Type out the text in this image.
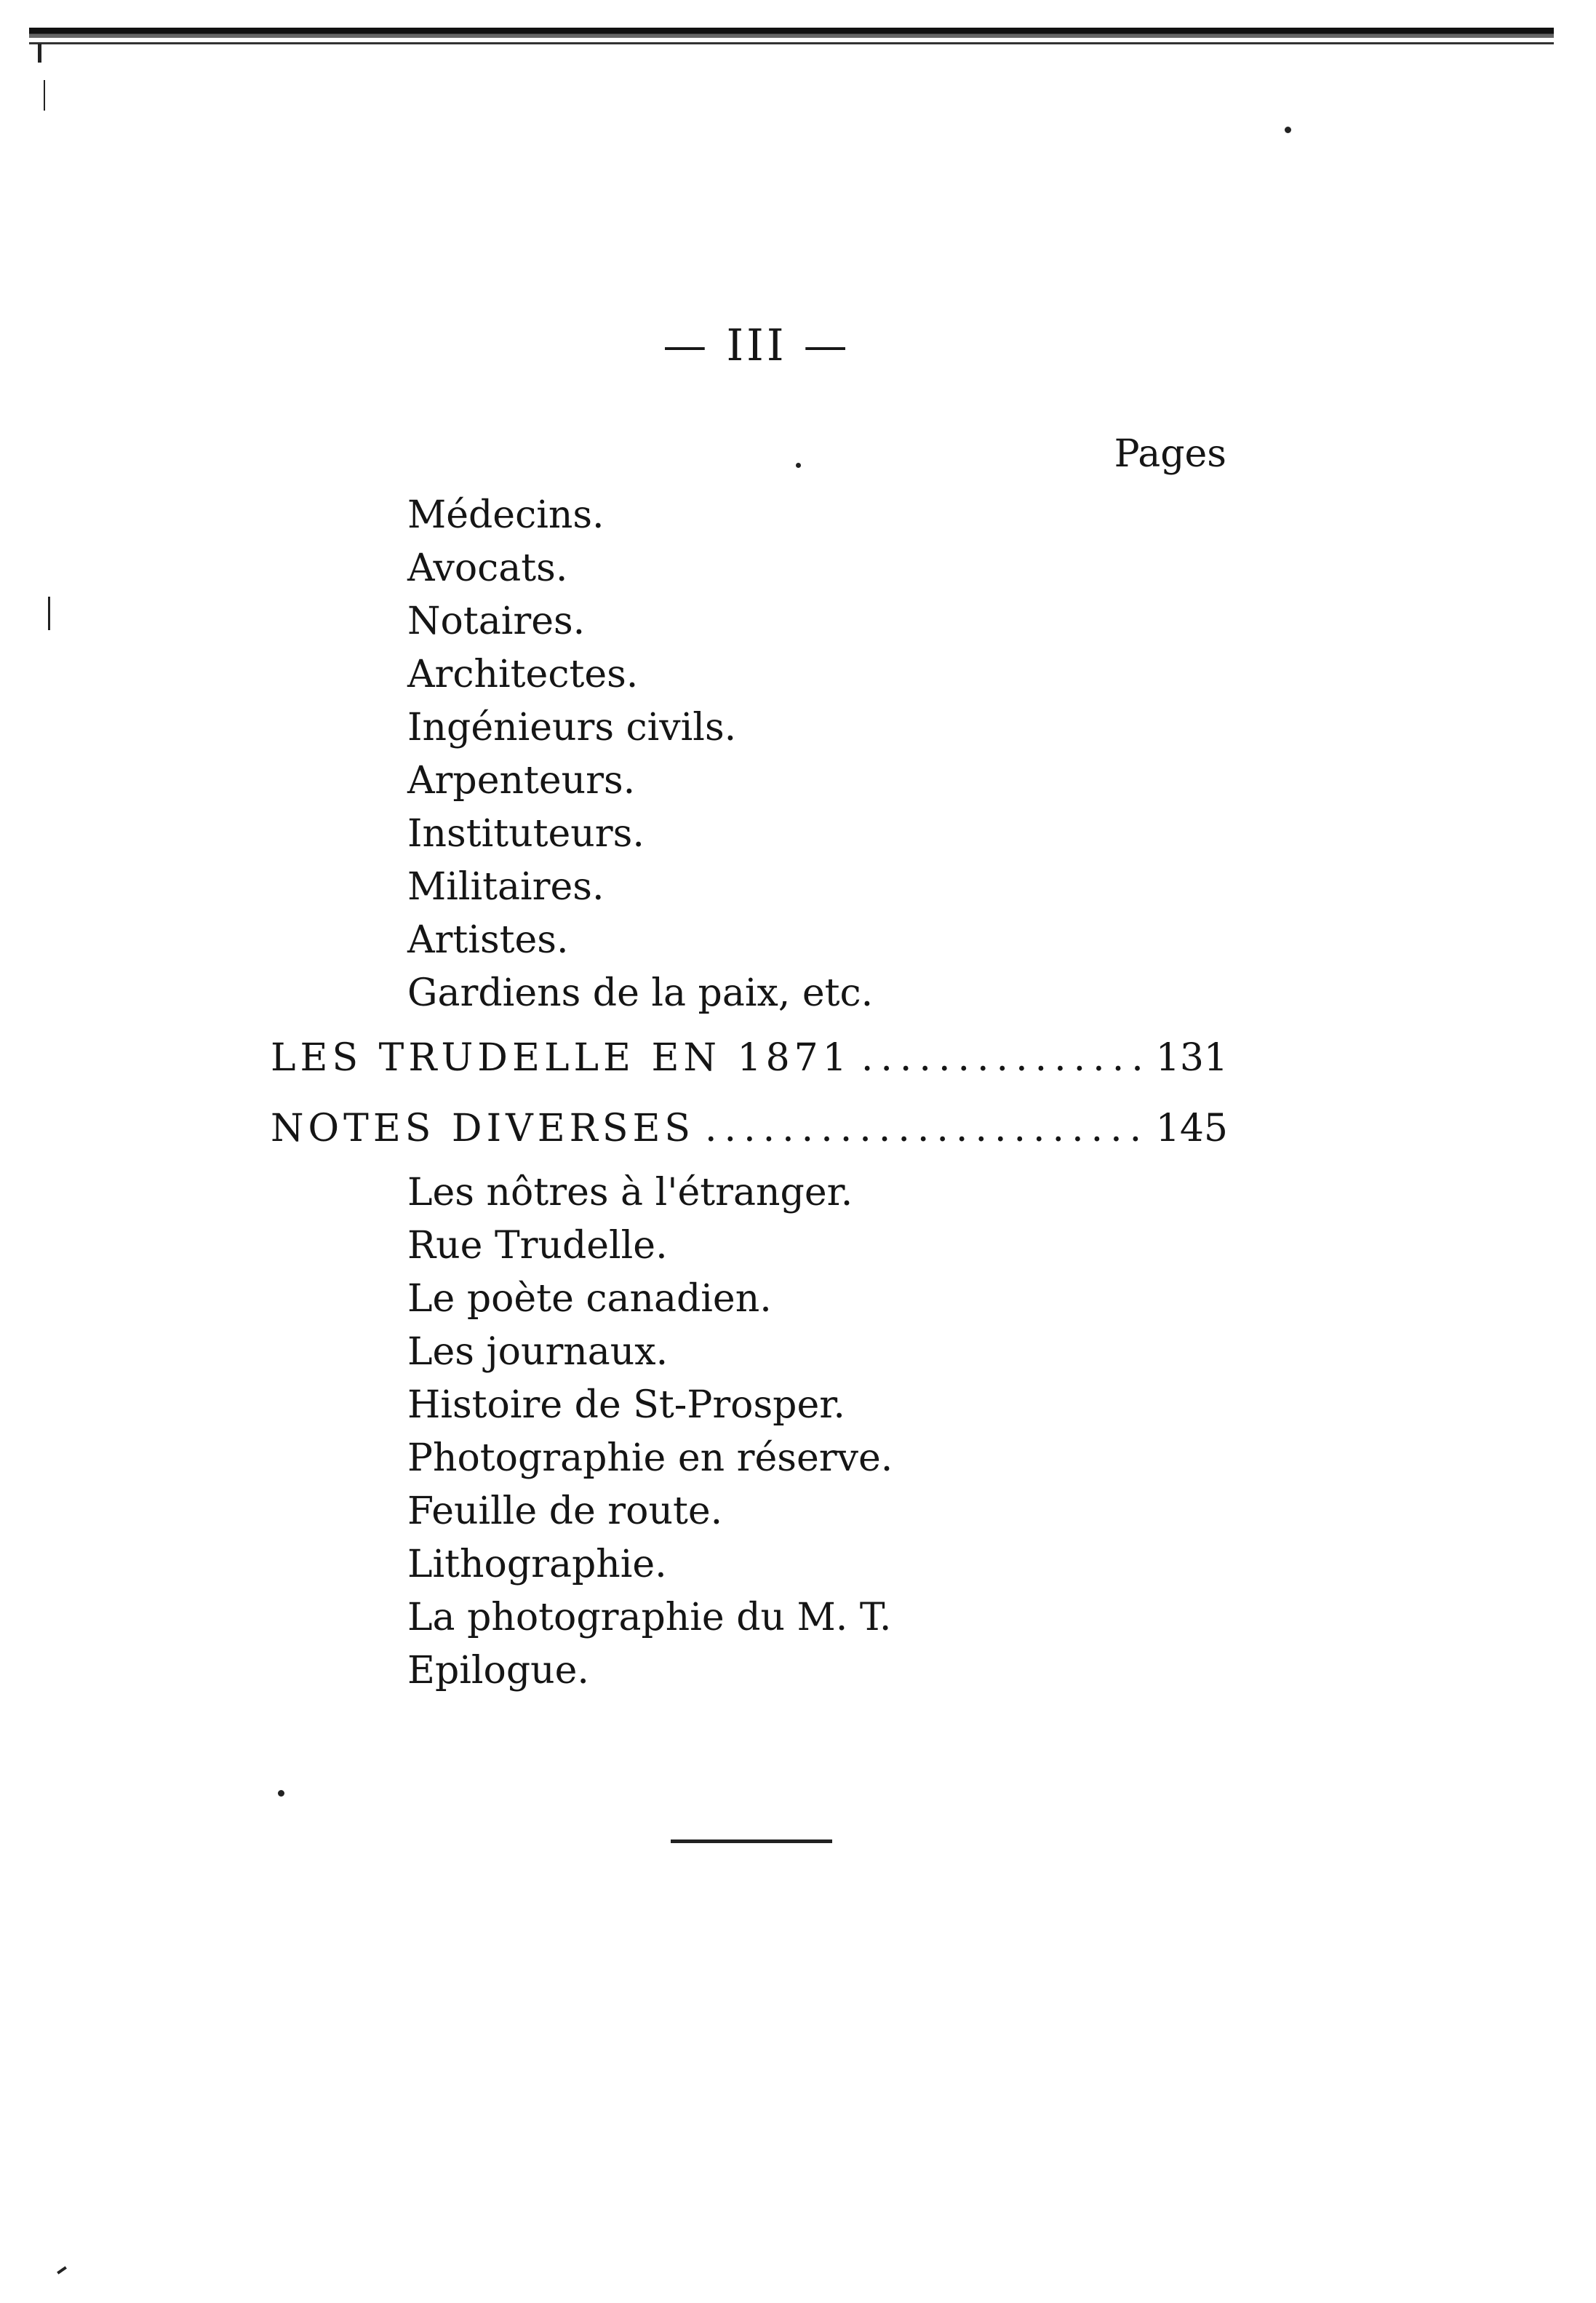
— III —
Pages
Médecins.
Avocats.
Notaires.
Architectes.
Ingénieurs civils.
Arpenteurs.
Instituteurs.
Militaires.
Artistes.
Gardiens de la paix, etc.
LES TRUDELLE EN 1871 .....	131
NOTES DIVERSES .....	145
Les nôtres à l'étranger.
Rue Trudelle.
Le poète canadien.
Les journaux.
Histoire de St-Prosper.
Photographie en réserve.
Feuille de route.
Lithographie.
La photographie du M. T.
Epilogue.
